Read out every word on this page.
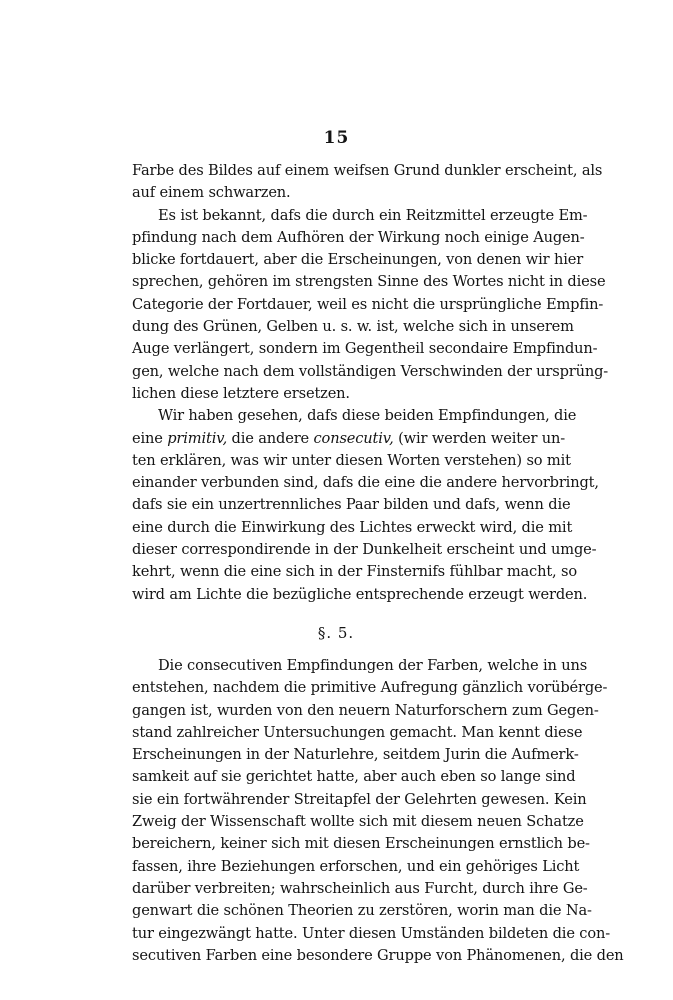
15
Farbe des Bildes auf einem weifsen Grund dunkler erscheint, als
auf einem schwarzen.
Es ist bekannt, dafs die durch ein Reitzmittel erzeugte Em-
pfindung nach dem Aufhören der Wirkung noch einige Augen-
blicke fortdauert, aber die Erscheinungen, von denen wir hier
sprechen, gehören im strengsten Sinne des Wortes nicht in diese
Categorie der Fortdauer, weil es nicht die ursprüngliche Empfin-
dung des Grünen, Gelben u. s. w. ist, welche sich in unserem
Auge verlängert, sondern im Gegentheil secondaire Empfindun-
gen, welche nach dem vollständigen Verschwinden der ursprüng-
lichen diese letztere ersetzen.
Wir haben gesehen, dafs diese beiden Empfindungen, die
eine primitiv, die andere consecutiv, (wir werden weiter un-
ten erklären, was wir unter diesen Worten verstehen) so mit
einander verbunden sind, dafs die eine die andere hervorbringt,
dafs sie ein unzertrennliches Paar bilden und dafs, wenn die
eine durch die Einwirkung des Lichtes erweckt wird, die mit
dieser correspondirende in der Dunkelheit erscheint und umge-
kehrt, wenn die eine sich in der Finsternifs fühlbar macht, so
wird am Lichte die bezügliche entsprechende erzeugt werden.
§. 5.
Die consecutiven Empfindungen der Farben, welche in uns
entstehen, nachdem die primitive Aufregung gänzlich vorübérge-
gangen ist, wurden von den neuern Naturforschern zum Gegen-
stand zahlreicher Untersuchungen gemacht. Man kennt diese
Erscheinungen in der Naturlehre, seitdem Jurin die Aufmerk-
samkeit auf sie gerichtet hatte, aber auch eben so lange sind
sie ein fortwährender Streitapfel der Gelehrten gewesen. Kein
Zweig der Wissenschaft wollte sich mit diesem neuen Schatze
bereichern, keiner sich mit diesen Erscheinungen ernstlich be-
fassen, ihre Beziehungen erforschen, und ein gehöriges Licht
darüber verbreiten; wahrscheinlich aus Furcht, durch ihre Ge-
genwart die schönen Theorien zu zerstören, worin man die Na-
tur eingezwängt hatte. Unter diesen Umständen bildeten die con-
secutiven Farben eine besondere Gruppe von Phänomenen, die den
